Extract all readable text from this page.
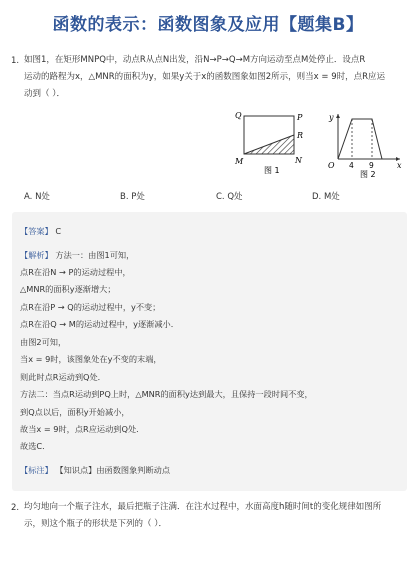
函数的表示：函数图象及应用【题集B】
1. 如图1，在矩形MNPQ中，动点R从点N出发，沿N→P→Q→M方向运动至点M处停止．设点R
运动的路程为x，△MNR的面积为y，如果y关于x的函数图象如图2所示，则当x = 9时，点R应运
动到（ ）．
Q	P
R
M	N
图 1
y
x
O 4 9
图 2
A. N处	B. P处	C. Q处	D. M处
【答案】 C
【解析】 方法一：由图1可知，
点R在沿N → P的运动过程中，
△MNR的面积y逐渐增大；
点R在沿P → Q的运动过程中，y不变；
点R在沿Q → M的运动过程中，y逐渐减小．
由图2可知，
当x = 9时，该图象处在y不变的末端，
则此时点R运动到Q处．
方法二：当点R运动到PQ上时，△MNR的面积y达到最大，且保持一段时间不变，
到Q点以后，面积y开始减小，
故当x = 9时，点R应运动到Q处．
故选C．
【标注】 【知识点】由函数图象判断动点
2. 均匀地向一个瓶子注水，最后把瓶子注满．在注水过程中，水面高度h随时间t的变化规律如图所
示，则这个瓶子的形状是下列的（ ）．
